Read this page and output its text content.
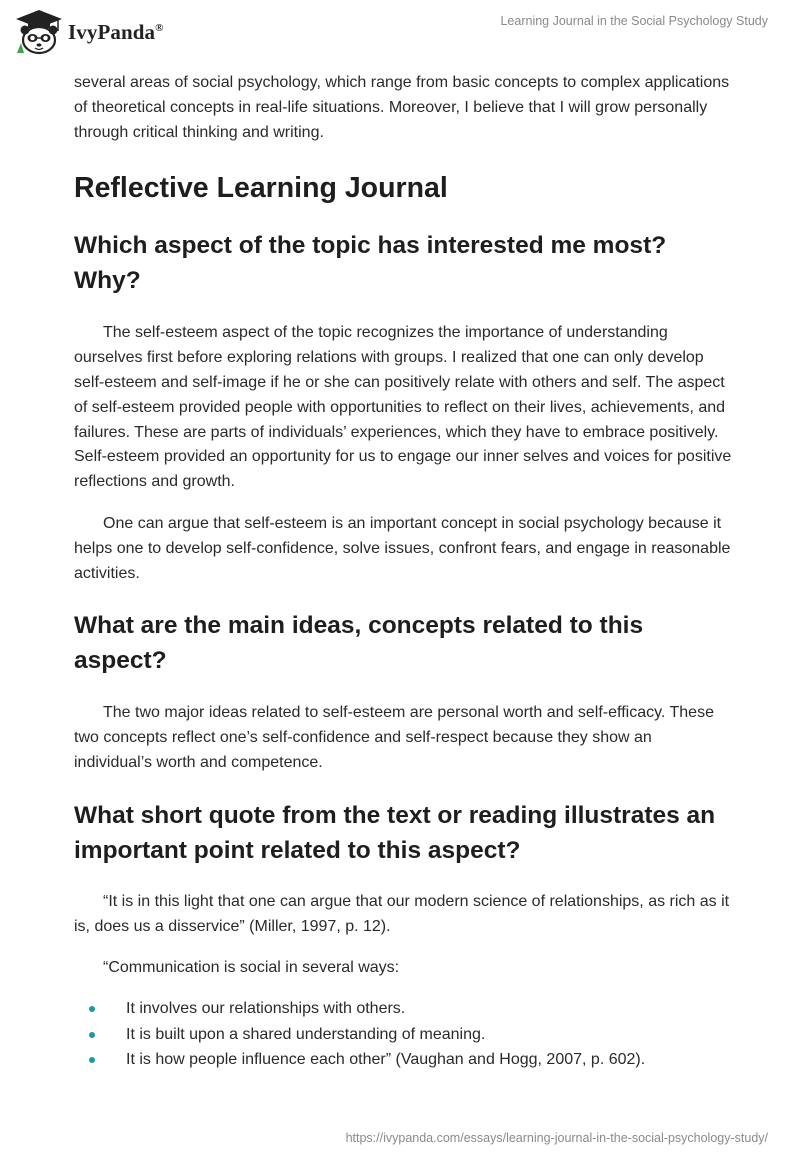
IvyPanda®	Learning Journal in the Social Psychology Study

several areas of social psychology, which range from basic concepts to complex applications of theoretical concepts in real-life situations. Moreover, I believe that I will grow personally through critical thinking and writing.

Reflective Learning Journal
Which aspect of the topic has interested me most? Why?

The self-esteem aspect of the topic recognizes the importance of understanding ourselves first before exploring relations with groups. I realized that one can only develop self-esteem and self-image if he or she can positively relate with others and self. The aspect of self-esteem provided people with opportunities to reflect on their lives, achievements, and failures. These are parts of individuals’ experiences, which they have to embrace positively. Self-esteem provided an opportunity for us to engage our inner selves and voices for positive reflections and growth.

One can argue that self-esteem is an important concept in social psychology because it helps one to develop self-confidence, solve issues, confront fears, and engage in reasonable activities.

What are the main ideas, concepts related to this aspect?

The two major ideas related to self-esteem are personal worth and self-efficacy. These two concepts reflect one’s self-confidence and self-respect because they show an individual’s worth and competence.

What short quote from the text or reading illustrates an important point related to this aspect?

“It is in this light that one can argue that our modern science of relationships, as rich as it is, does us a disservice” (Miller, 1997, p. 12).

“Communication is social in several ways:

It involves our relationships with others.
It is built upon a shared understanding of meaning.
It is how people influence each other” (Vaughan and Hogg, 2007, p. 602).
https://ivypanda.com/essays/learning-journal-in-the-social-psychology-study/
